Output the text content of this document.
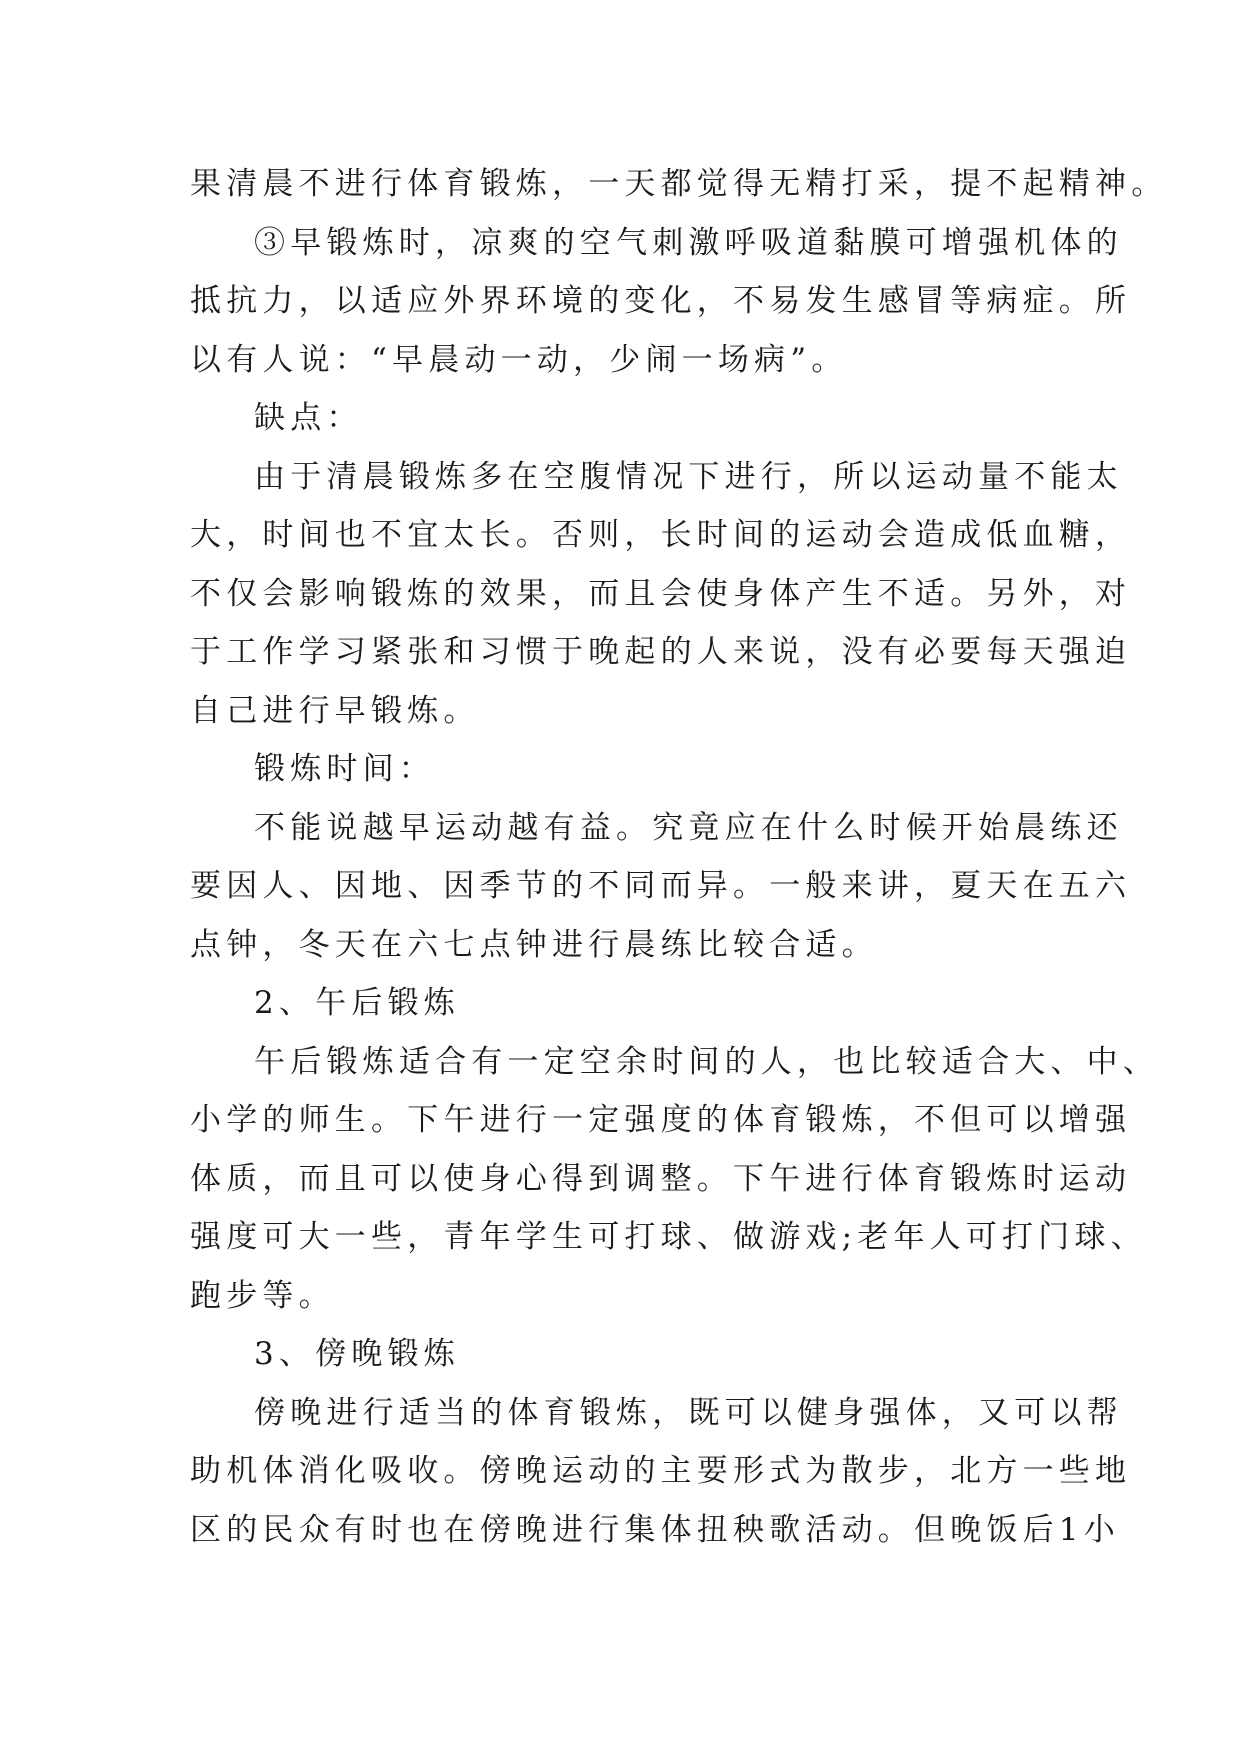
果清晨不进行体育锻炼，一天都觉得无精打采，提不起精神。
③早锻炼时，凉爽的空气刺激呼吸道黏膜可增强机体的
抵抗力，以适应外界环境的变化，不易发生感冒等病症。所
以有人说：“早晨动一动，少闹一场病”。
缺点：
由于清晨锻炼多在空腹情况下进行，所以运动量不能太
大，时间也不宜太长。否则，长时间的运动会造成低血糖，
不仅会影响锻炼的效果，而且会使身体产生不适。另外，对
于工作学习紧张和习惯于晚起的人来说，没有必要每天强迫
自己进行早锻炼。
锻炼时间：
不能说越早运动越有益。究竟应在什么时候开始晨练还
要因人、因地、因季节的不同而异。一般来讲，夏天在五六
点钟，冬天在六七点钟进行晨练比较合适。
2、午后锻炼
午后锻炼适合有一定空余时间的人，也比较适合大、中、
小学的师生。下午进行一定强度的体育锻炼，不但可以增强
体质，而且可以使身心得到调整。下午进行体育锻炼时运动
强度可大一些，青年学生可打球、做游戏;老年人可打门球、
跑步等。
3、傍晚锻炼
傍晚进行适当的体育锻炼，既可以健身强体，又可以帮
助机体消化吸收。傍晚运动的主要形式为散步，北方一些地
区的民众有时也在傍晚进行集体扭秧歌活动。但晚饭后1小
